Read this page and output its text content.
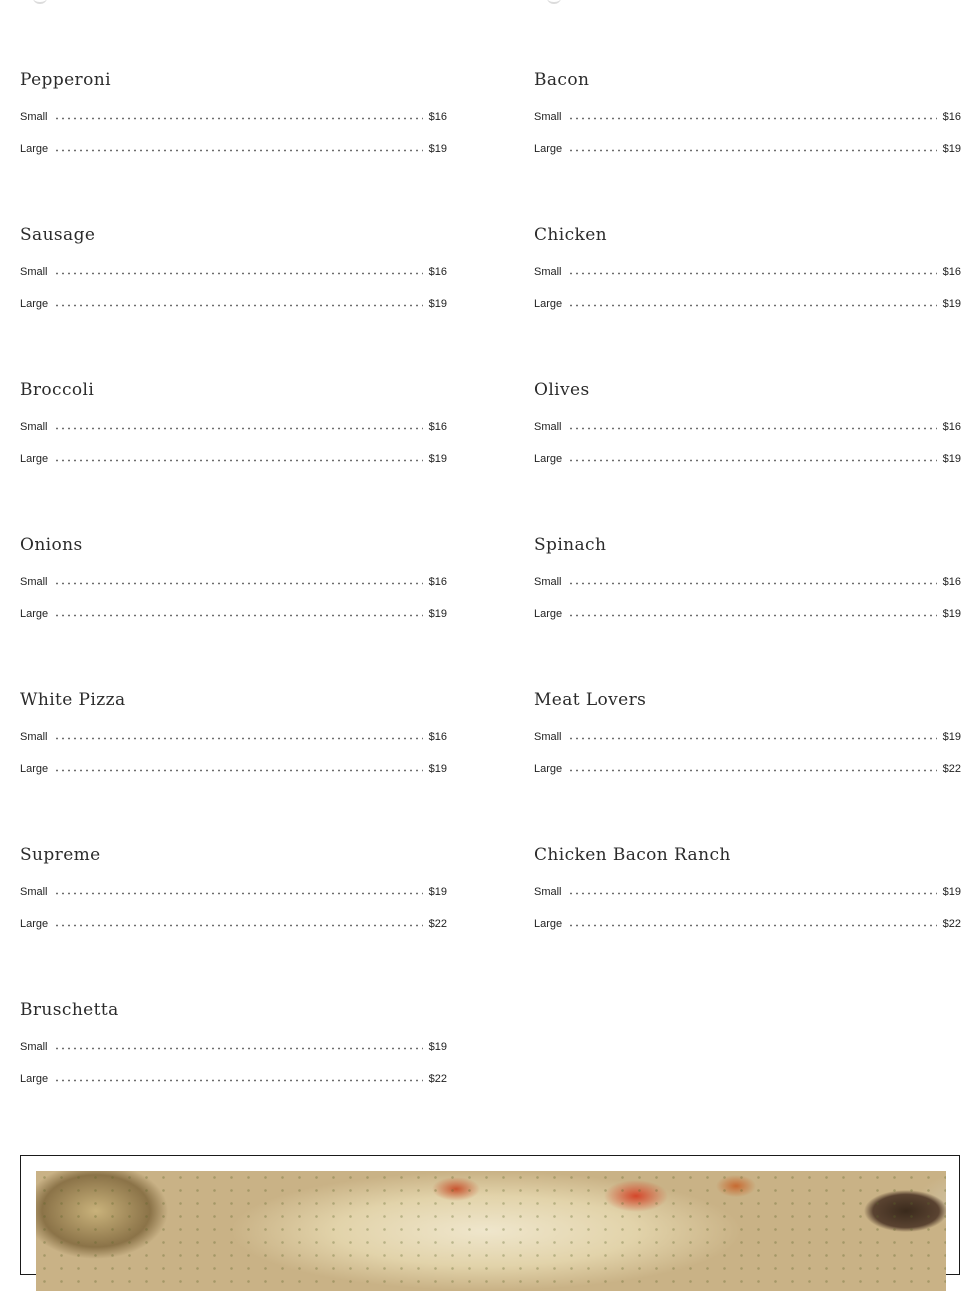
Pepperoni
Small	$16
Large	$19
Sausage
Small	$16
Large	$19
Broccoli
Small	$16
Large	$19
Onions
Small	$16
Large	$19
White Pizza
Small	$16
Large	$19
Supreme
Small	$19
Large	$22
Bruschetta
Small	$19
Large	$22
Bacon
Small	$16
Large	$19
Chicken
Small	$16
Large	$19
Olives
Small	$16
Large	$19
Spinach
Small	$16
Large	$19
Meat Lovers
Small	$19
Large	$22
Chicken Bacon Ranch
Small	$19
Large	$22
